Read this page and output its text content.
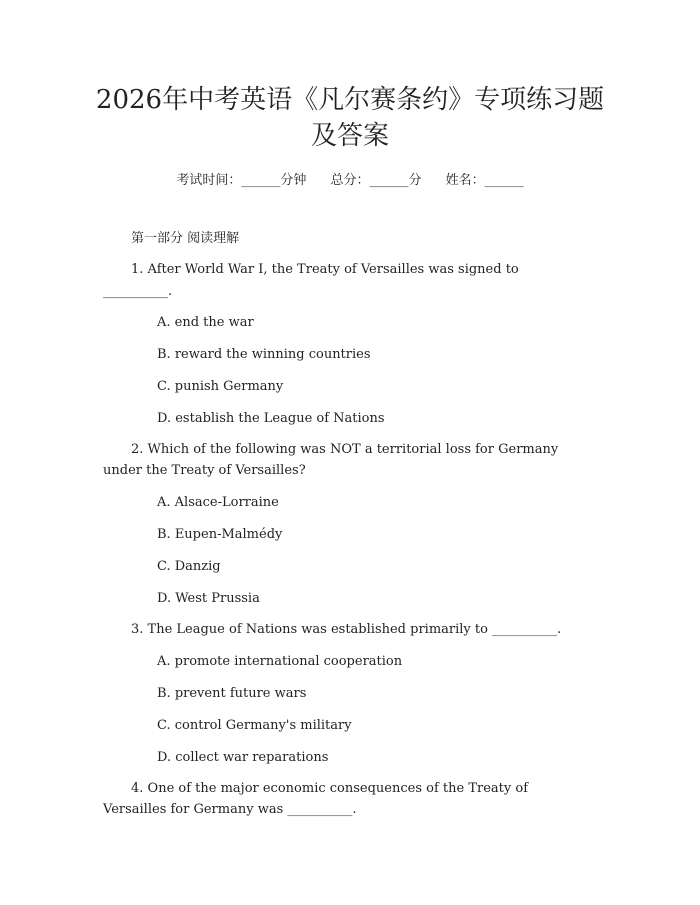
2026年中考英语《凡尔赛条约》专项练习题
及答案
考试时间：______分钟 总分：______分 姓名：______
第一部分 阅读理解
1. After World War I, the Treaty of Versailles was signed to
__________.
A. end the war
B. reward the winning countries
C. punish Germany
D. establish the League of Nations
2. Which of the following was NOT a territorial loss for Germany
under the Treaty of Versailles?
A. Alsace-Lorraine
B. Eupen-Malmédy
C. Danzig
D. West Prussia
3. The League of Nations was established primarily to __________.
A. promote international cooperation
B. prevent future wars
C. control Germany's military
D. collect war reparations
4. One of the major economic consequences of the Treaty of
Versailles for Germany was __________.
